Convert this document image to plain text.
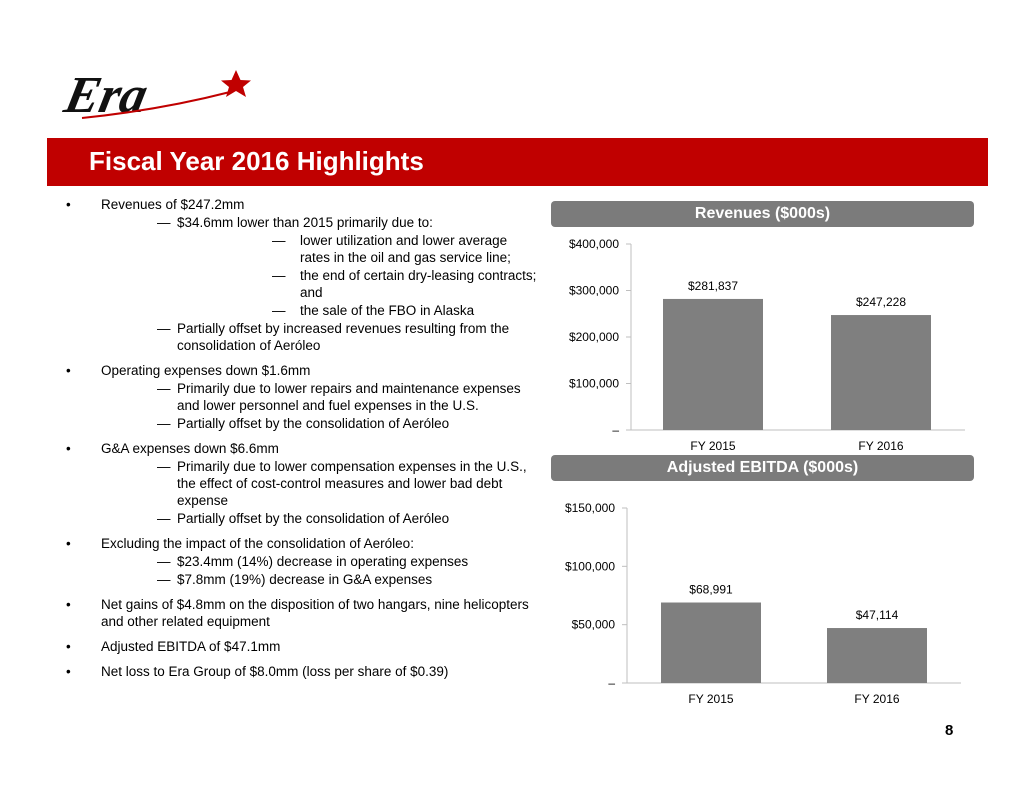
Era
Fiscal Year 2016 Highlights
• Revenues of $247.2mm
— $34.6mm lower than 2015 primarily due to:
— lower utilization and lower average rates in the oil and gas service line;
— the end of certain dry-leasing contracts; and
— the sale of the FBO in Alaska
— Partially offset by increased revenues resulting from the consolidation of Aeróleo
• Operating expenses down $1.6mm
— Primarily due to lower repairs and maintenance expenses and lower personnel and fuel expenses in the U.S.
— Partially offset by the consolidation of Aeróleo
• G&A expenses down $6.6mm
— Primarily due to lower compensation expenses in the U.S., the effect of cost-control measures and lower bad debt expense
— Partially offset by the consolidation of Aeróleo
• Excluding the impact of the consolidation of Aeróleo:
— $23.4mm (14%) decrease in operating expenses
— $7.8mm (19%) decrease in G&A expenses
• Net gains of $4.8mm on the disposition of two hangars, nine helicopters and other related equipment
• Adjusted EBITDA of $47.1mm
• Net loss to Era Group of $8.0mm (loss per share of $0.39)
Revenues ($000s)
–
$100,000
$200,000
$300,000
$400,000
$281,837
FY 2015
$247,228
FY 2016
Adjusted EBITDA ($000s)
–
$50,000
$100,000
$150,000
$68,991
FY 2015
$47,114
FY 2016
8
